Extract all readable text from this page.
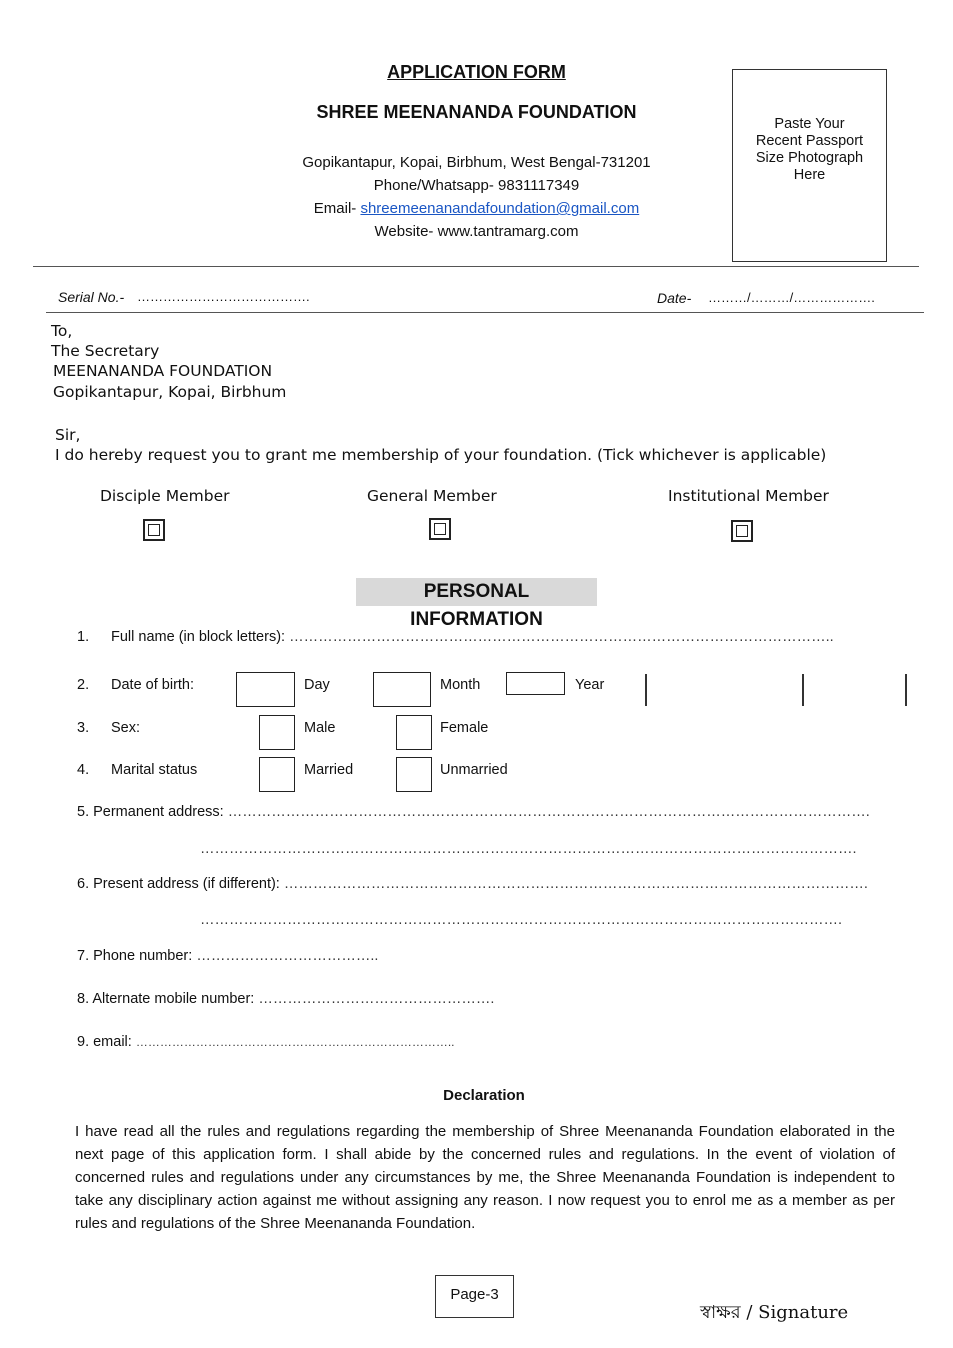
APPLICATION FORM
SHREE MEENANANDA FOUNDATION
Gopikantapur, Kopai, Birbhum, West Bengal-731201
Phone/Whatsapp- 9831117349
Email- shreemeenanandafoundation@gmail.com
Website- www.tantramarg.com
Paste Your Recent Passport Size Photograph Here
Serial No.- ………………………………….	Date- ………/………/……………….
To,
The Secretary
MEENANANDA FOUNDATION
Gopikantapur, Kopai, Birbhum
Sir,
I do hereby request you to grant me membership of your foundation. (Tick whichever is applicable)
Disciple Member	General Member	Institutional Member
PERSONAL INFORMATION
1. Full name (in block letters): …………………………………………………………………………………………………..
2. Date of birth:	Day	Month	Year
3. Sex:	Male	Female
4. Marital status	Married	Unmarried
5. Permanent address: …………………………………………………………………………………………………………………….
……………………………………………………………………………………………………………………….
6. Present address (if different): ………………………………………………………………………………………………………….
…………………………………………………………………………………………………………………….
7. Phone number: ………………………………..
8. Alternate mobile number: ………………………………………….
9. email: ……………………………………………………………………..
Declaration
I have read all the rules and regulations regarding the membership of Shree Meenananda Foundation elaborated in the next page of this application form. I shall abide by the concerned rules and regulations. In the event of violation of concerned rules and regulations under any circumstances by me, the Shree Meenananda Foundation is independent to take any disciplinary action against me without assigning any reason. I now request you to enrol me as a member as per rules and regulations of the Shree Meenananda Foundation.
Page-3
স্বাক্ষর / Signature
